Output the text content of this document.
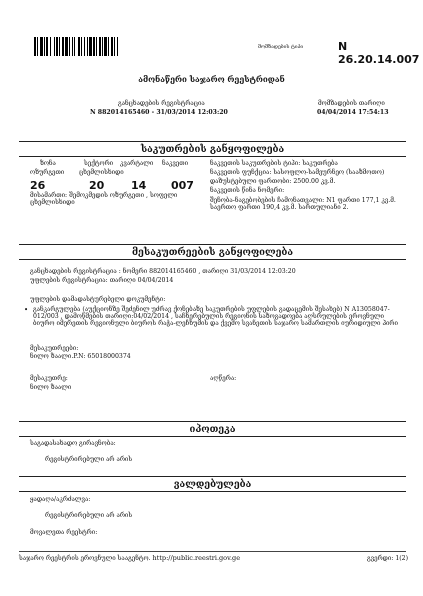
მომზადების ტიპი	N 26.20.14.007
ამონაწერი საჯარო რეესტრიდან
განცხადების რეგისტრაცია
N 882014165460 - 31/03/2014 12:03:20
მომზადების თარიღი
04/04/2014 17:54:13
საკუთრების განყოფილება
ზონა	სექტორი კვარტალი ნაკვეთი
ოზურგეთი ცხემლისხიდი
26	20 14 007
ნაკვეთის საკუთრების ტიპი: საკუთრება
ნაკვეთის ფუნქცია: სასოფლო-სამეურნეო (სააზმოთო)
დაზუსტებული ფართობი: 2500.00 კვ.მ.
ნაკვეთის წინა ნომერი:
შენობა-ნაგებობების ჩამონათვალი: N1 ფართი 177,1 კვ.მ. საერთო ფართი 190,4 კვ.მ. სართულიანი 2.
მისამართი: შემოკმედის ოზურგეთი , სოფელი ცხემლისხიდი
მესაკუთრეების განყოფილება
განცხადების რეგისტრაცია : ნომერი 882014165460 , თარიღი 31/03/2014 12:03:20
უფლების რეგისტრაცია: თარიღი 04/04/2014
უფლების დამადასტურებელი დოკუმენტი:
• განკარგულება (აუქციონზე შეძენილ უძრავ ქონებაზე საკუთრების უფლების გადაცემის შესახებ) N A13058047-012/003 , დამოწმების თარიღი:04/02/2014 , საჩხერებულის რეგიონის საზოგადოება აღსრულების ეროვნული ბიურო იმერეთის რეგიონული ბიუროს რაჭა-ლეჩხუმის და ქვემო სვანეთის საჯარო სამართლის იურიდიული პირი
მესაკუთრეები:
ნილო ზაალი.P.N: 65018000374
მესაკუთრე:
ნილო ზაალი
აღწერა:
იპოთეკა
საგადასახადო გირავნობა:
რეგისტრირებული არ არის
ვალდებულება
ყადაღა/აკრძალვა:
რეგისტრირებული არ არის
მოვალეთა რეესტრი:
საჯარო რეესტრის ეროვნული სააგენტო. http://public.reestri.gov.ge	გვერდი: 1(2)
